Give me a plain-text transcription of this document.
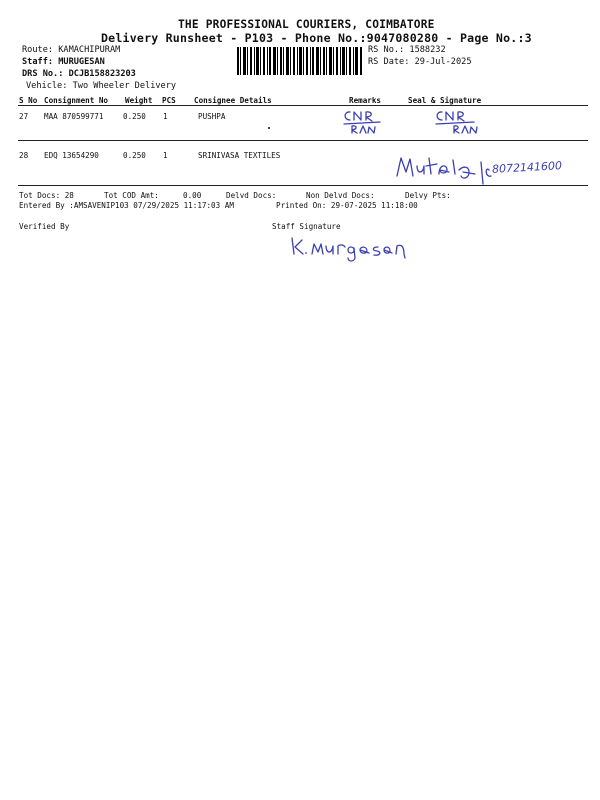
THE PROFESSIONAL COURIERS, COIMBATORE
Delivery Runsheet - P103 - Phone No.:9047080280 - Page No.:3
Route: KAMACHIPURAM
Staff: MURUGESAN
DRS No.: DCJB158823203
Vehicle: Two Wheeler Delivery
RS No.: 1588232
RS Date: 29-Jul-2025
S No Consignment No Weight PCS Consignee Details	Remarks	Seal & Signature
27 MAA 870599771	0.250 1	PUSHPA
28 EDQ 13654290	0.250 1	SRINIVASA TEXTILES
8072141600
Tot Docs: 28	Tot COD Amt:	0.00	Delvd Docs:	Non Delvd Docs:	Delvy Pts:
Entered By :AMSAVENIP103 07/29/2025 11:17:03 AM	Printed On: 29-07-2025 11:18:00
Verified By	Staff Signature
